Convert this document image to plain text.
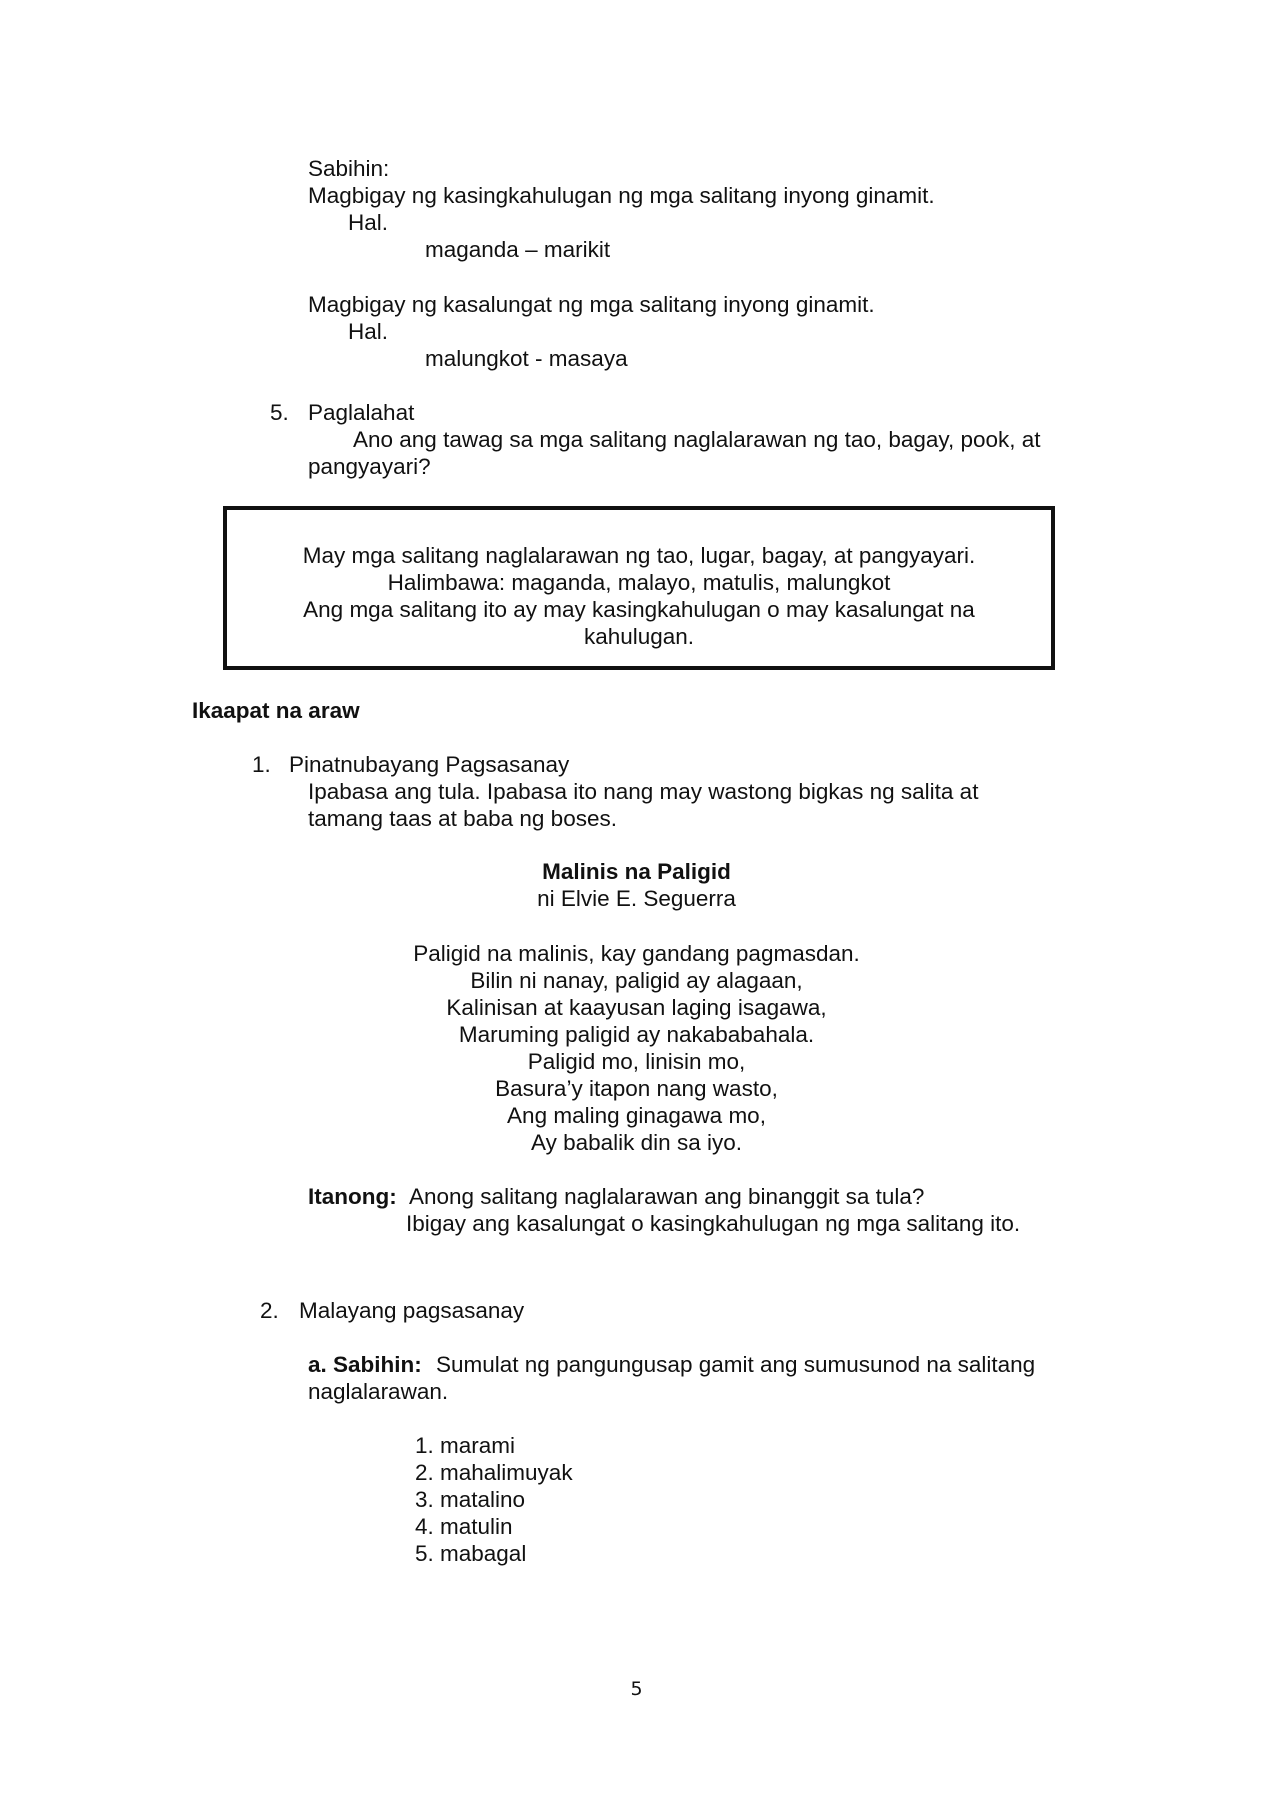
Sabihin:
Magbigay ng kasingkahulugan ng mga salitang inyong ginamit.
Hal.
maganda – marikit
Magbigay ng kasalungat ng mga salitang inyong ginamit.
Hal.
malungkot - masaya
5. Paglalahat
Ano ang tawag sa mga salitang naglalarawan ng tao, bagay, pook, at
pangyayari?
May mga salitang naglalarawan ng tao, lugar, bagay, at pangyayari.
Halimbawa: maganda, malayo, matulis, malungkot
Ang mga salitang ito ay may kasingkahulugan o may kasalungat na
kahulugan.
Ikaapat na araw
1. Pinatnubayang Pagsasanay
Ipabasa ang tula. Ipabasa ito nang may wastong bigkas ng salita at
tamang taas at baba ng boses.
Malinis na Paligid
ni Elvie E. Seguerra
Paligid na malinis, kay gandang pagmasdan.
Bilin ni nanay, paligid ay alagaan,
Kalinisan at kaayusan laging isagawa,
Maruming paligid ay nakababahala.
Paligid mo, linisin mo,
Basura’y itapon nang wasto,
Ang maling ginagawa mo,
Ay babalik din sa iyo.
Itanong: Anong salitang naglalarawan ang binanggit sa tula?
Ibigay ang kasalungat o kasingkahulugan ng mga salitang ito.
2. Malayang pagsasanay
a. Sabihin: Sumulat ng pangungusap gamit ang sumusunod na salitang
naglalarawan.
1. marami
2. mahalimuyak
3. matalino
4. matulin
5. mabagal
5
